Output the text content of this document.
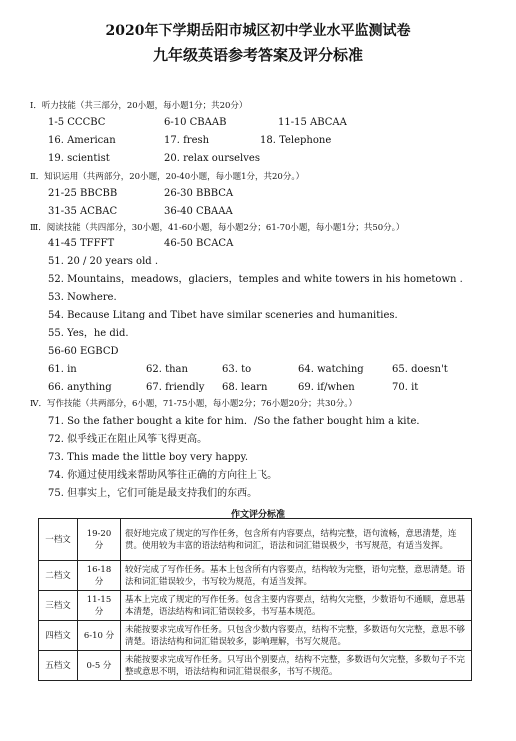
2020年下学期岳阳市城区初中学业水平监测试卷
九年级英语参考答案及评分标准
Ⅰ．听力技能（共三部分，20小题，每小题1分；共20分）
1-5 CCCBC	6-10 CBAAB	11-15 ABCAA
16. American	17. fresh	18. Telephone
19. scientist	20. relax ourselves
Ⅱ．知识运用（共两部分，20小题，20-40小题，每小题1分，共20分。）
21-25 BBCBB	26-30 BBBCA
31-35 ACBAC	36-40 CBAAA
Ⅲ．阅读技能（共四部分，30小题，41-60小题，每小题2分；61-70小题，每小题1分；共50分。）
41-45 TFFFT	46-50 BCACA
51. 20 / 20 years old .
52. Mountains，meadows，glaciers，temples and white towers in his hometown .
53. Nowhere.
54. Because Litang and Tibet have similar sceneries and humanities.
55. Yes，he did.
56-60 EGBCD
61. in	62. than	63. to	64. watching	65. doesn't
66. anything	67. friendly 68. learn	69. if/when	70. it
Ⅳ．写作技能（共两部分，6小题，71-75小题，每小题2分；76小题20分；共30分。）
71. So the father bought a kite for him．/So the father bought him a kite．
72. 似乎线正在阻止风筝飞得更高。
73. This made the little boy very happy.
74. 你通过使用线来帮助风筝往正确的方向往上飞。
75. 但事实上，它们可能是最支持我们的东西。
作文评分标准
一档文	19-20 分	很好地完成了规定的写作任务，包含所有内容要点，结构完整，语句流畅，意思清楚，连贯。使用较为丰富的语法结构和词汇，语法和词汇错误极少，书写规范，有适当发挥。
二档文	16-18 分	较好完成了写作任务。基本上包含所有内容要点，结构较为完整，语句完整，意思清楚。语法和词汇错误较少，书写较为规范，有适当发挥。
三档文	11-15 分	基本上完成了规定的写作任务。包含主要内容要点，结构欠完整，少数语句不通顺，意思基本清楚，语法结构和词汇错误较多，书写基本规范。
四档文	6-10 分	未能按要求完成写作任务。只包含少数内容要点，结构不完整，多数语句欠完整，意思不够清楚。语法结构和词汇错误较多，影响理解，书写欠规范。
五档文	0-5 分	未能按要求完成写作任务。只写出个别要点，结构不完整，多数语句欠完整，多数句子不完整或意思不明，语法结构和词汇错误很多，书写不规范。
